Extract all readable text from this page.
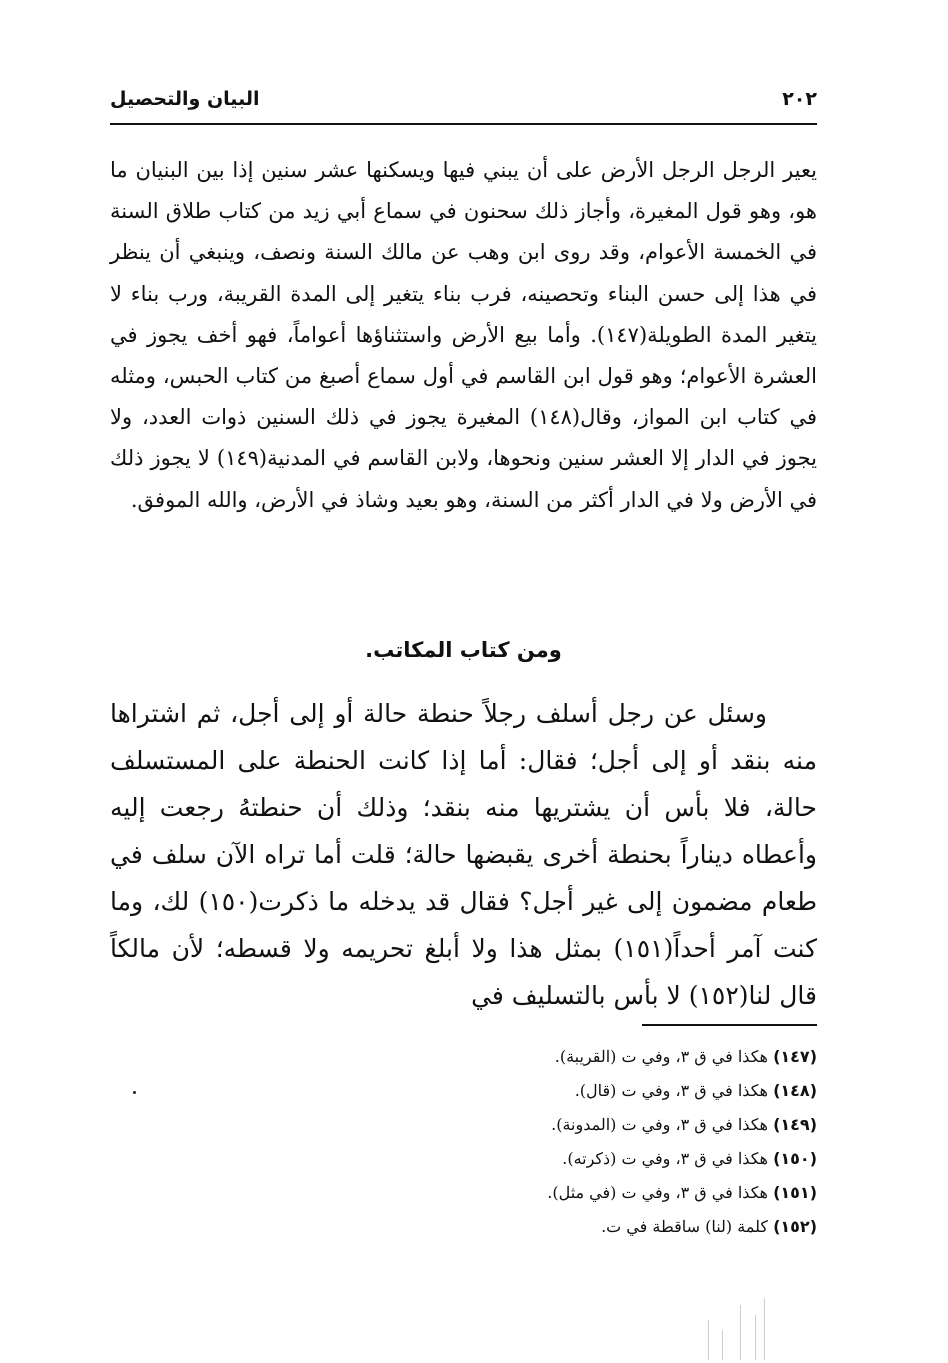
٢٠٢
البيان والتحصيل
يعير الرجل الرجل الأرض على أن يبني فيها ويسكنها عشر سنين إذا بين البنيان ما هو، وهو قول المغيرة، وأجاز ذلك سحنون في سماع أبي زيد من كتاب طلاق السنة في الخمسة الأعوام، وقد روى ابن وهب عن مالك السنة ونصف، وينبغي أن ينظر في هذا إلى حسن البناء وتحصينه، فرب بناء يتغير إلى المدة القريبة، ورب بناء لا يتغير المدة الطويلة(١٤٧). وأما بيع الأرض واستثناؤها أعواماً، فهو أخف يجوز في العشرة الأعوام؛ وهو قول ابن القاسم في أول سماع أصبغ من كتاب الحبس، ومثله في كتاب ابن المواز، وقال(١٤٨) المغيرة يجوز في ذلك السنين ذوات العدد، ولا يجوز في الدار إلا العشر سنين ونحوها، ولابن القاسم في المدنية(١٤٩) لا يجوز ذلك في الأرض ولا في الدار أكثر من السنة، وهو بعيد وشاذ في الأرض، والله الموفق.
ومن كتاب المكاتب.
وسئل عن رجل أسلف رجلاً حنطة حالة أو إلى أجل، ثم اشتراها منه بنقد أو إلى أجل؛ فقال: أما إذا كانت الحنطة على المستسلف حالة، فلا بأس أن يشتريها منه بنقد؛ وذلك أن حنطتهُ رجعت إليه وأعطاه ديناراً بحنطة أخرى يقبضها حالة؛ قلت أما تراه الآن سلف في طعام مضمون إلى غير أجل؟ فقال قد يدخله ما ذكرت(١٥٠) لك، وما كنت آمر أحداً(١٥١) بمثل هذا ولا أبلغ تحريمه ولا قسطه؛ لأن مالكاً قال لنا(١٥٢) لا بأس بالتسليف في
(١٤٧) هكذا في ق ٣، وفي ت (القريبة).
(١٤٨) هكذا في ق ٣، وفي ت (قال).
(١٤٩) هكذا في ق ٣، وفي ت (المدونة).
(١٥٠) هكذا في ق ٣، وفي ت (ذكرته).
(١٥١) هكذا في ق ٣، وفي ت (في مثل).
(١٥٢) كلمة (لنا) ساقطة في ت.
